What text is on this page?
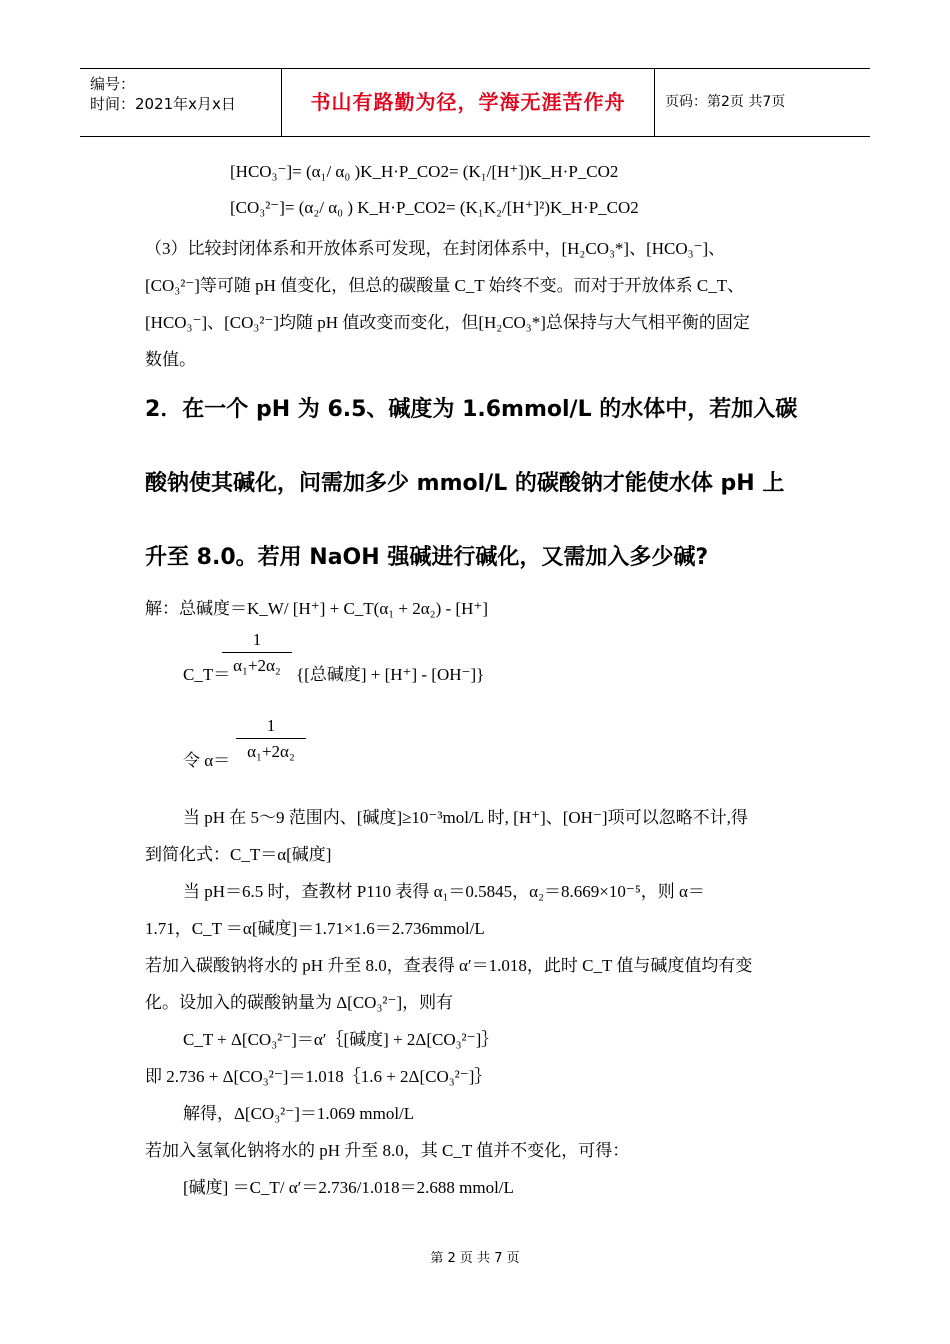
编号：
时间：2021年x月x日	书山有路勤为径，学海无涯苦作舟	页码：第2页 共7页
[HCO₃⁻]= (α₁/ α₀ )K_H·P_CO2= (K₁/[H⁺])K_H·P_CO2
[CO₃²⁻]= (α₂/ α₀ ) K_H·P_CO2= (K₁K₂/[H⁺]²)K_H·P_CO2
（3）比较封闭体系和开放体系可发现，在封闭体系中，[H₂CO₃*]、[HCO₃⁻]、
[CO₃²⁻]等可随 pH 值变化，但总的碳酸量 C_T 始终不变。而对于开放体系 C_T、
[HCO₃⁻]、[CO₃²⁻]均随 pH 值改变而变化，但[H₂CO₃*]总保持与大气相平衡的固定
数值。
2．在一个 pH 为 6.5、碱度为 1.6mmol/L 的水体中，若加入碳
酸钠使其碱化，问需加多少 mmol/L 的碳酸钠才能使水体 pH 上
升至 8.0。若用 NaOH 强碱进行碱化，又需加入多少碱?
解：总碱度＝K_W/ [H⁺] + C_T(α₁ + 2α₂) - [H⁺]
1
C_T＝ α₁+2α₂ {[总碱度] + [H⁺] - [OH⁻]}
1
令 α＝ α₁+2α₂
当 pH 在 5～9 范围内、[碱度]≥10⁻³mol/L 时, [H⁺]、[OH⁻]项可以忽略不计,得
到简化式：C_T＝α[碱度]
当 pH＝6.5 时，查教材 P110 表得 α₁＝0.5845，α₂＝8.669×10⁻⁵，则 α＝
1.71，C_T ＝α[碱度]＝1.71×1.6＝2.736mmol/L
若加入碳酸钠将水的 pH 升至 8.0，查表得 α′＝1.018，此时 C_T 值与碱度值均有变
化。设加入的碳酸钠量为 Δ[CO₃²⁻]，则有
C_T + Δ[CO₃²⁻]＝α′｛[碱度] + 2Δ[CO₃²⁻]｝
即 2.736 + Δ[CO₃²⁻]＝1.018｛1.6 + 2Δ[CO₃²⁻]｝
解得，Δ[CO₃²⁻]＝1.069 mmol/L
若加入氢氧化钠将水的 pH 升至 8.0，其 C_T 值并不变化，可得：
[碱度] ＝C_T/ α′＝2.736/1.018＝2.688 mmol/L
第 2 页 共 7 页
